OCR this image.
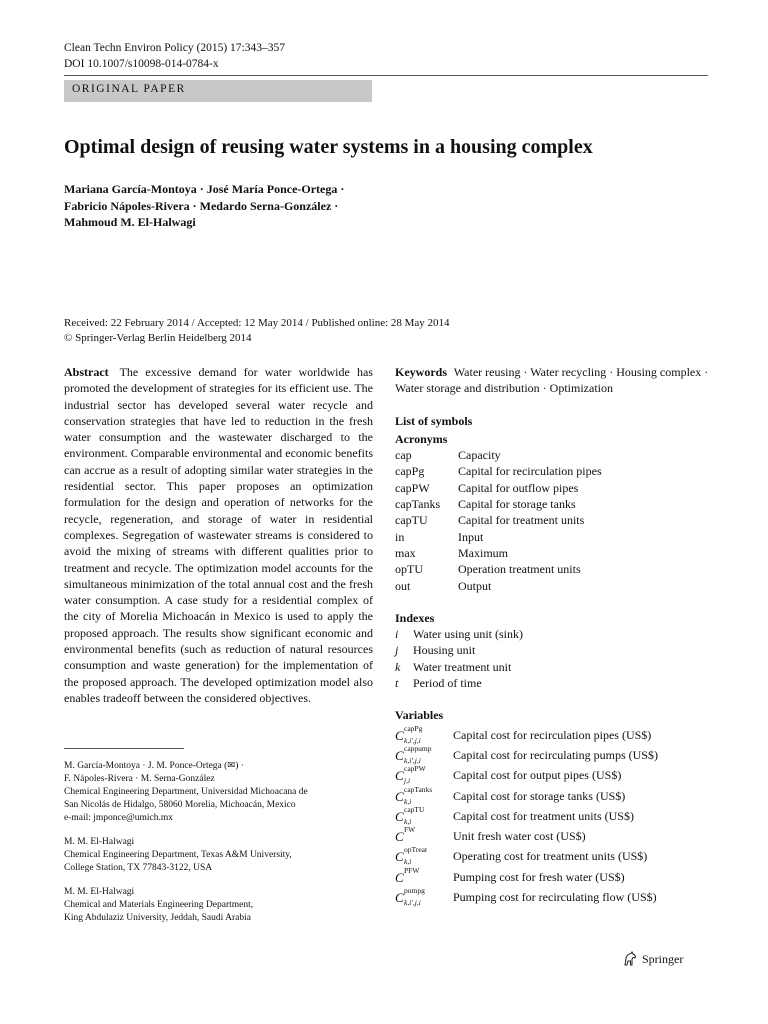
Clean Techn Environ Policy (2015) 17:343–357
DOI 10.1007/s10098-014-0784-x
ORIGINAL PAPER
Optimal design of reusing water systems in a housing complex
Mariana García-Montoya · José María Ponce-Ortega ·
Fabricio Nápoles-Rivera · Medardo Serna-González ·
Mahmoud M. El-Halwagi
Received: 22 February 2014 / Accepted: 12 May 2014 / Published online: 28 May 2014
© Springer-Verlag Berlin Heidelberg 2014

Abstract The excessive demand for water worldwide has promoted the development of strategies for its efficient use. The industrial sector has developed several water recycle and conservation strategies that have led to reduction in the fresh water consumption and the wastewater discharged to the environment. Comparable environmental and economic benefits can accrue as a result of adopting similar water strategies in the residential sector. This paper proposes an optimization formulation for the design and operation of networks for the recycle, regeneration, and storage of water in residential complexes. Segregation of wastewater streams is considered to avoid the mixing of streams with different qualities prior to treatment and recycle. The optimization model accounts for the simultaneous minimization of the total annual cost and the fresh water consumption. A case study for a residential complex of the city of Morelia Michoacán in Mexico is used to apply the proposed approach. The results show significant economic and environmental benefits (such as reduction of natural resources consumption and waste generation) for the implementation of the proposed approach. The developed optimization model also enables tradeoff between the considered objectives.

M. García-Montoya · J. M. Ponce-Ortega (✉) ·
F. Nápoles-Rivera · M. Serna-González
Chemical Engineering Department, Universidad Michoacana de
San Nicolás de Hidalgo, 58060 Morelia, Michoacán, Mexico
e-mail: jmponce@umich.mx
M. M. El-Halwagi
Chemical Engineering Department, Texas A&M University,
College Station, TX 77843-3122, USA
M. M. El-Halwagi
Chemical and Materials Engineering Department,
King Abdulaziz University, Jeddah, Saudi Arabia
Keywords Water reusing · Water recycling · Housing complex · Water storage and distribution · Optimization
List of symbols
Acronyms
cap	Capacity
capPg	Capital for recirculation pipes
capPW	Capital for outflow pipes
capTanks	Capital for storage tanks
capTU	Capital for treatment units
in	Input
max	Maximum
opTU	Operation treatment units
out	Output
Indexes
i	Water using unit (sink)
j	Housing unit
k	Water treatment unit
t	Period of time
Variables
C capPg
k,i′,j,i	Capital cost for recirculation pipes (US$)
C cappump
k,i′,j,i	Capital cost for recirculating pumps (US$)
C capPW
j,i	Capital cost for output pipes (US$)
C capTanks
k,i	Capital cost for storage tanks (US$)
C capTU
k,i	Capital cost for treatment units (US$)
C FW	Unit fresh water cost (US$)
C opTreat
k,i	Operating cost for treatment units (US$)
C PFW	Pumping cost for fresh water (US$)
C pumpg
k,i′,j,i	Pumping cost for recirculating flow (US$)
Springer
